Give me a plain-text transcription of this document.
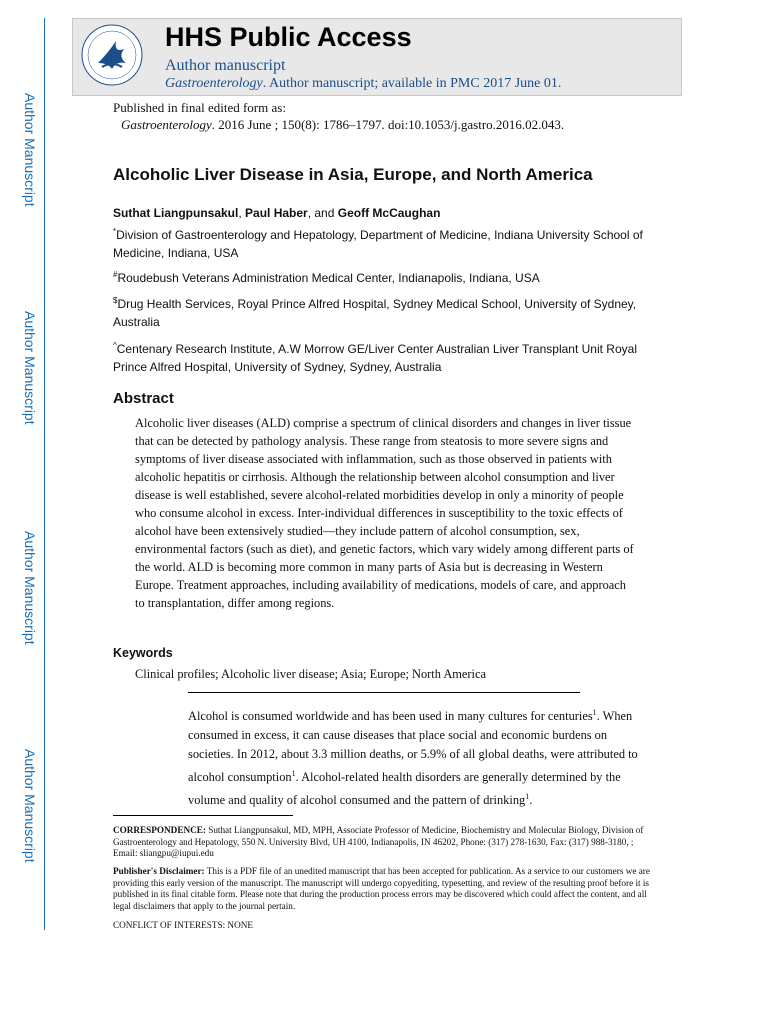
Author Manuscript
Author Manuscript
Author Manuscript
Author Manuscript
HHS Public Access
Author manuscript
Gastroenterology. Author manuscript; available in PMC 2017 June 01.
Published in final edited form as:
Gastroenterology. 2016 June ; 150(8): 1786–1797. doi:10.1053/j.gastro.2016.02.043.
Alcoholic Liver Disease in Asia, Europe, and North America
Suthat Liangpunsakul, Paul Haber, and Geoff McCaughan
*Division of Gastroenterology and Hepatology, Department of Medicine, Indiana University School of Medicine, Indiana, USA
#Roudebush Veterans Administration Medical Center, Indianapolis, Indiana, USA
$Drug Health Services, Royal Prince Alfred Hospital, Sydney Medical School, University of Sydney, Australia
^Centenary Research Institute, A.W Morrow GE/Liver Center Australian Liver Transplant Unit Royal Prince Alfred Hospital, University of Sydney, Sydney, Australia
Abstract
Alcoholic liver diseases (ALD) comprise a spectrum of clinical disorders and changes in liver tissue that can be detected by pathology analysis. These range from steatosis to more severe signs and symptoms of liver disease associated with inflammation, such as those observed in patients with alcoholic hepatitis or cirrhosis. Although the relationship between alcohol consumption and liver disease is well established, severe alcohol-related morbidities develop in only a minority of people who consume alcohol in excess. Inter-individual differences in susceptibility to the toxic effects of alcohol have been extensively studied—they include pattern of alcohol consumption, sex, environmental factors (such as diet), and genetic factors, which vary widely among different parts of the world. ALD is becoming more common in many parts of Asia but is decreasing in Western Europe. Treatment approaches, including availability of medications, models of care, and approach to transplantation, differ among regions.
Keywords
Clinical profiles; Alcoholic liver disease; Asia; Europe; North America
Alcohol is consumed worldwide and has been used in many cultures for centuries$^1$. When consumed in excess, it can cause diseases that place social and economic burdens on societies. In 2012, about 3.3 million deaths, or 5.9% of all global deaths, were attributed to alcohol consumption$^1$. Alcohol-related health disorders are generally determined by the volume and quality of alcohol consumed and the pattern of drinking$^1$.
CORRESPONDENCE: Suthat Liangpunsakul, MD, MPH, Associate Professor of Medicine, Biochemistry and Molecular Biology, Division of Gastroenterology and Hepatology, 550 N. University Blvd, UH 4100, Indianapolis, IN 46202, Phone: (317) 278-1630, Fax: (317) 988-3180, ; Email: sliangpu@iupui.edu
Publisher's Disclaimer: This is a PDF file of an unedited manuscript that has been accepted for publication. As a service to our customers we are providing this early version of the manuscript. The manuscript will undergo copyediting, typesetting, and review of the resulting proof before it is published in its final citable form. Please note that during the production process errors may be discovered which could affect the content, and all legal disclaimers that apply to the journal pertain.
CONFLICT OF INTERESTS: NONE
